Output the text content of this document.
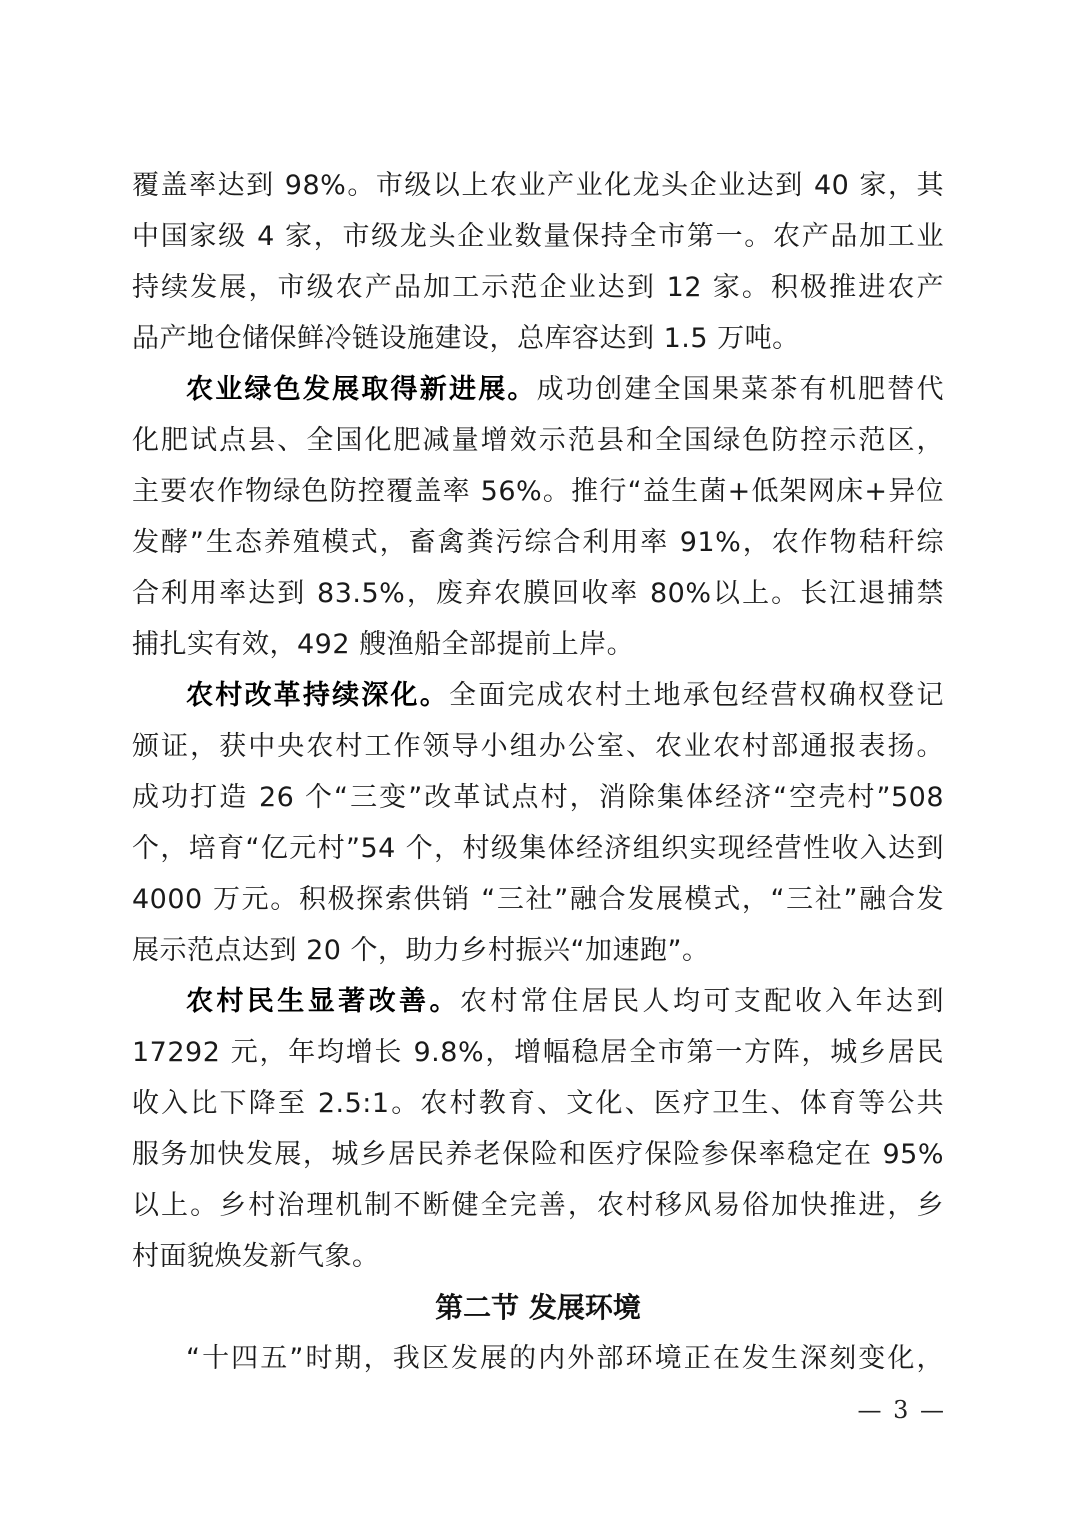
覆盖率达到 98%。市级以上农业产业化龙头企业达到 40 家，其
中国家级 4 家，市级龙头企业数量保持全市第一。农产品加工业
持续发展，市级农产品加工示范企业达到 12 家。积极推进农产
品产地仓储保鲜冷链设施建设，总库容达到 1.5 万吨。
农业绿色发展取得新进展。成功创建全国果菜茶有机肥替代
化肥试点县、全国化肥减量增效示范县和全国绿色防控示范区，
主要农作物绿色防控覆盖率 56%。推行“益生菌+低架网床+异位
发酵”生态养殖模式，畜禽粪污综合利用率 91%，农作物秸秆综
合利用率达到 83.5%，废弃农膜回收率 80%以上。长江退捕禁
捕扎实有效，492 艘渔船全部提前上岸。
农村改革持续深化。全面完成农村土地承包经营权确权登记
颁证，获中央农村工作领导小组办公室、农业农村部通报表扬。
成功打造 26 个“三变”改革试点村，消除集体经济“空壳村”508
个，培育“亿元村”54 个，村级集体经济组织实现经营性收入达到
4000 万元。积极探索供销 “三社”融合发展模式，“三社”融合发
展示范点达到 20 个，助力乡村振兴“加速跑”。
农村民生显著改善。农村常住居民人均可支配收入年达到
17292 元，年均增长 9.8%，增幅稳居全市第一方阵，城乡居民
收入比下降至 2.5:1。农村教育、文化、医疗卫生、体育等公共
服务加快发展，城乡居民养老保险和医疗保险参保率稳定在 95%
以上。乡村治理机制不断健全完善，农村移风易俗加快推进，乡
村面貌焕发新气象。
第二节 发展环境
“十四五”时期，我区发展的内外部环境正在发生深刻变化，
— 3 —
